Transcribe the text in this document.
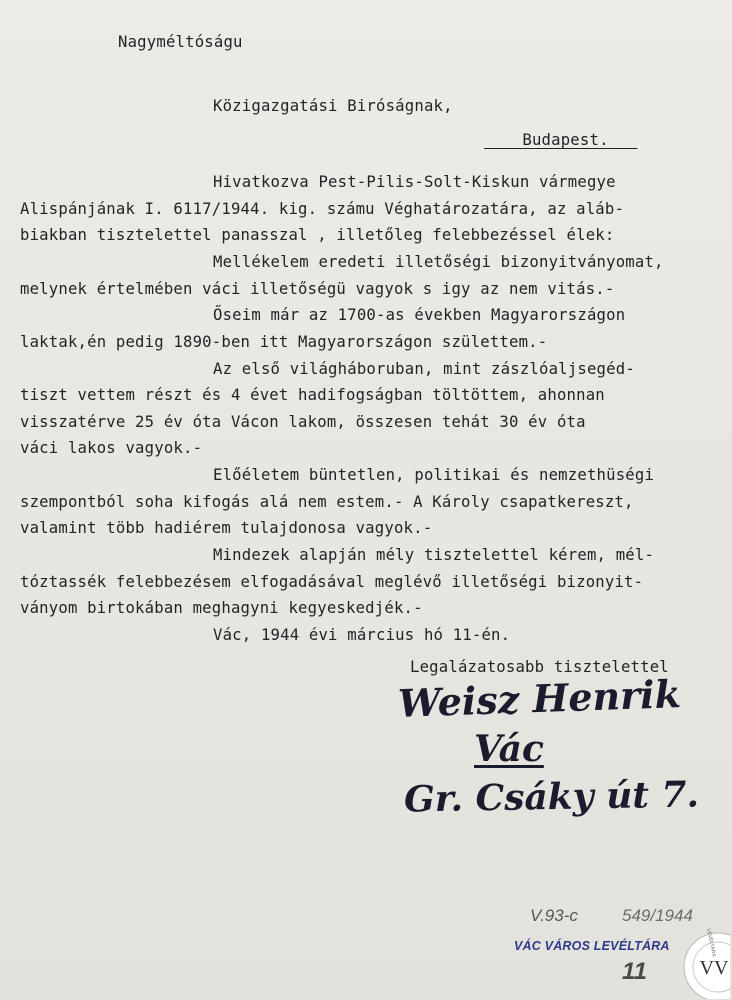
Nagyméltóságu
Közigazgatási Biróságnak,
Budapest.
Hivatkozva Pest-Pilis-Solt-Kiskun vármegye
Alispánjának I. 6117/1944. kig. számu Véghatározatára, az aláb-
biakban tisztelettel panasszal , illetőleg felebbezéssel élek:
Mellékelem eredeti illetőségi bizonyitványomat,
melynek értelmében váci illetőségü vagyok s igy az nem vitás.-
Őseim már az 1700-as években Magyarországon
laktak,én pedig 1890-ben itt Magyarországon születtem.-
Az első világháboruban, mint zászlóaljsegéd-
tiszt vettem részt és 4 évet hadifogságban töltöttem, ahonnan
visszatérve 25 év óta Vácon lakom, összesen tehát 30 év óta
váci lakos vagyok.-
Előéletem büntetlen, politikai és nemzethüségi
szempontból soha kifogás alá nem estem.- A Károly csapatkereszt,
valamint több hadiérem tulajdonosa vagyok.-
Mindezek alapján mély tisztelettel kérem, mél-
tóztassék felebbezésem elfogadásával meglévő illetőségi bizonyit-
ványom birtokában meghagyni kegyeskedjék.-
Vác, 1944 évi március hó 11-én.
Legalázatosabb tisztelettel
Weisz Henrik
Vác
Gr. Csáky út 7.
V.93-c	549/1944
VÁC VÁROS LEVÉLTÁRA
11	VV
LEVÉLTÁRA
